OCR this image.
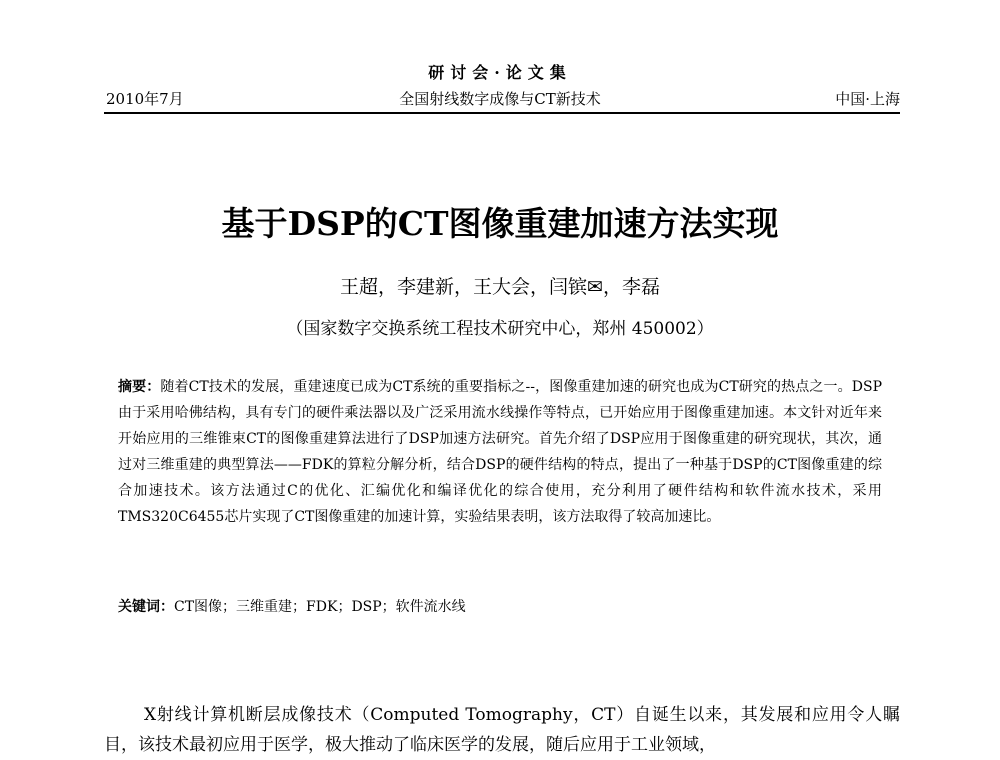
研讨会·论文集
2010年7月	全国射线数字成像与CT新技术	中国·上海
基于DSP的CT图像重建加速方法实现
王超，李建新，王大会，闫镔✉，李磊
（国家数字交换系统工程技术研究中心，郑州 450002）
摘要：随着CT技术的发展，重建速度已成为CT系统的重要指标之--，图像重建加速的研究也成为CT研究的热点之一。DSP由于采用哈佛结构，具有专门的硬件乘法器以及广泛采用流水线操作等特点，已开始应用于图像重建加速。本文针对近年来开始应用的三维锥束CT的图像重建算法进行了DSP加速方法研究。首先介绍了DSP应用于图像重建的研究现状，其次，通过对三维重建的典型算法——FDK的算粒分解分析，结合DSP的硬件结构的特点，提出了一种基于DSP的CT图像重建的综合加速技术。该方法通过C的优化、汇编优化和编译优化的综合使用，充分利用了硬件结构和软件流水技术，采用TMS320C6455芯片实现了CT图像重建的加速计算，实验结果表明，该方法取得了较高加速比。
关键词：CT图像；三维重建；FDK；DSP；软件流水线
X射线计算机断层成像技术（Computed Tomography，CT）自诞生以来，其发展和应用令人瞩目，该技术最初应用于医学，极大推动了临床医学的发展，随后应用于工业领域，
